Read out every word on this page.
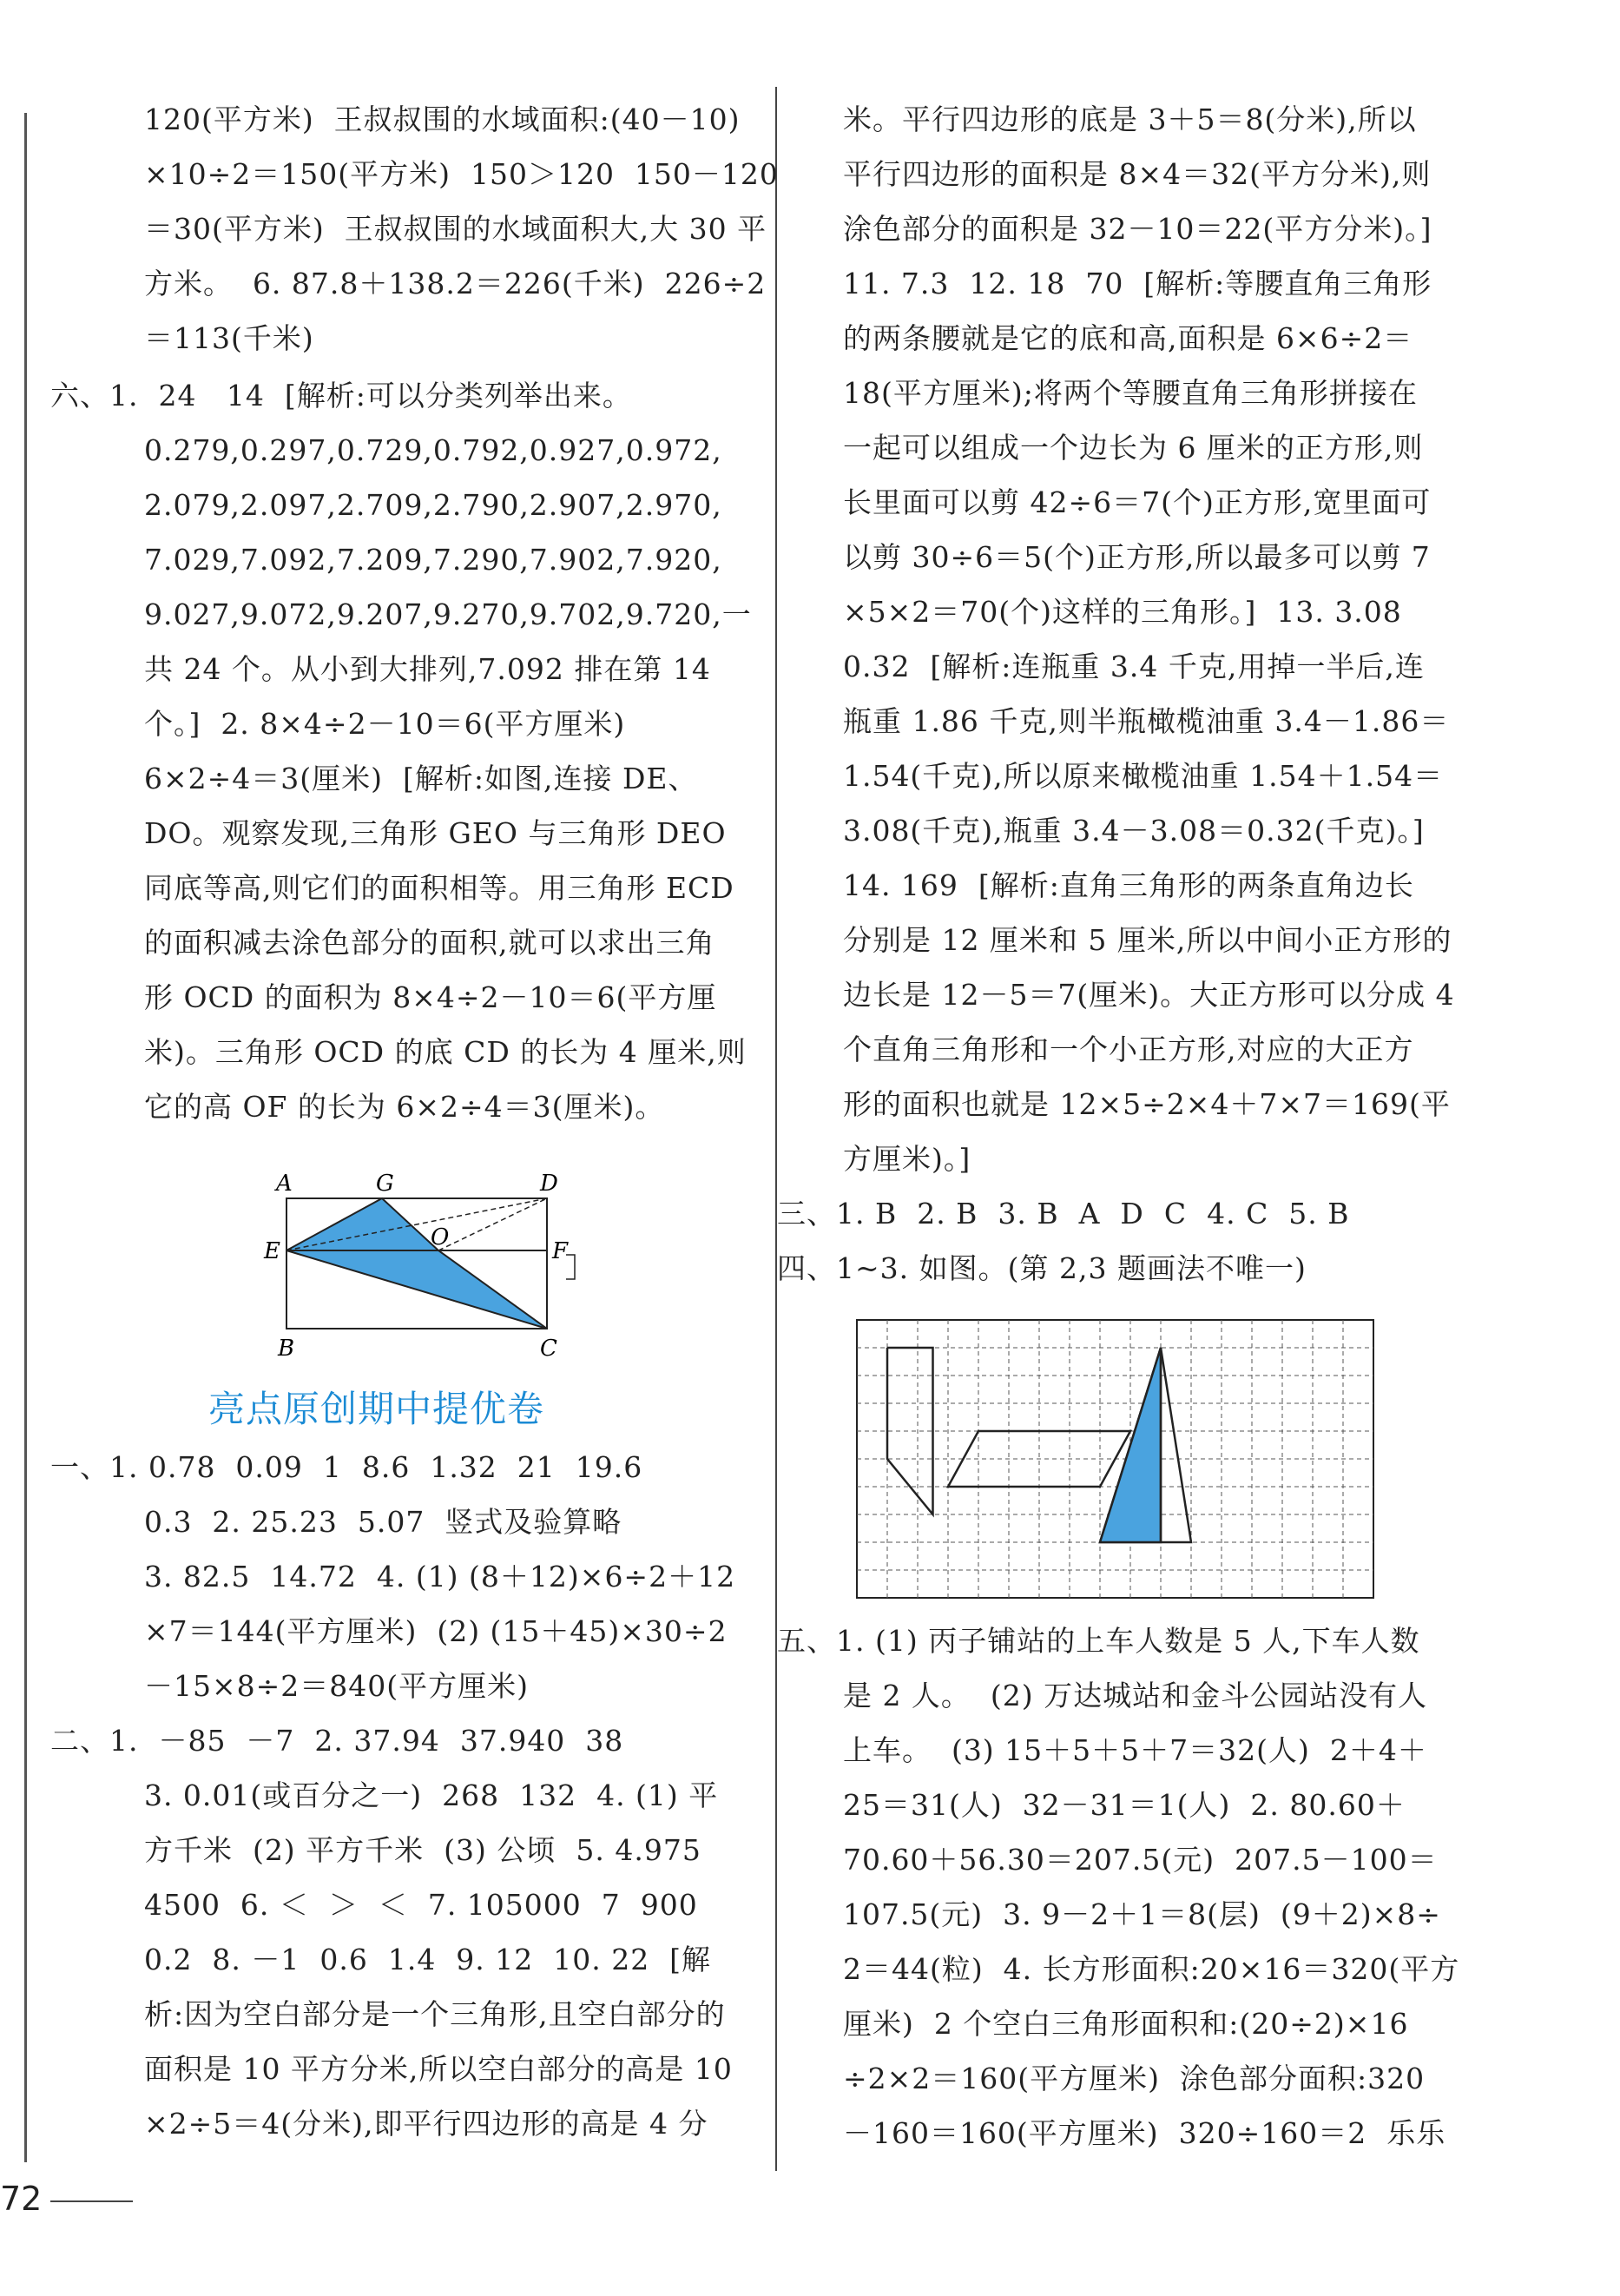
120(平方米)  王叔叔围的水域面积:(40－10)
×10÷2＝150(平方米)  150＞120  150－120
＝30(平方米)  王叔叔围的水域面积大,大 30 平
方米。  6. 87.8＋138.2＝226(千米)  226÷2
＝113(千米)
六、1.  24   14  [解析:可以分类列举出来。
0.279,0.297,0.729,0.792,0.927,0.972,
2.079,2.097,2.709,2.790,2.907,2.970,
7.029,7.092,7.209,7.290,7.902,7.920,
9.027,9.072,9.207,9.270,9.702,9.720,一
共 24 个。从小到大排列,7.092 排在第 14
个。]  2. 8×4÷2－10＝6(平方厘米)
6×2÷4＝3(厘米)  [解析:如图,连接 DE、
DO。观察发现,三角形 GEO 与三角形 DEO
同底等高,则它们的面积相等。用三角形 ECD
的面积减去涂色部分的面积,就可以求出三角
形 OCD 的面积为 8×4÷2－10＝6(平方厘
米)。三角形 OCD 的底 CD 的长为 4 厘米,则
它的高 OF 的长为 6×2÷4＝3(厘米)。
A	G	D
E
O
F
B	C
亮点原创期中提优卷
一、1. 0.78  0.09  1  8.6  1.32  21  19.6
0.3  2. 25.23  5.07  竖式及验算略
3. 82.5  14.72  4. (1) (8＋12)×6÷2＋12
×7＝144(平方厘米)  (2) (15＋45)×30÷2
－15×8÷2＝840(平方厘米)
二、1.  －85  －7  2. 37.94  37.940  38
3. 0.01(或百分之一)  268  132  4. (1) 平
方千米  (2) 平方千米  (3) 公顷  5. 4.975
4500  6. ＜  ＞  ＜  7. 105000  7  900
0.2  8. －1  0.6  1.4  9. 12  10. 22  [解
析:因为空白部分是一个三角形,且空白部分的
面积是 10 平方分米,所以空白部分的高是 10
×2÷5＝4(分米),即平行四边形的高是 4 分
米。平行四边形的底是 3＋5＝8(分米),所以
平行四边形的面积是 8×4＝32(平方分米),则
涂色部分的面积是 32－10＝22(平方分米)。]
11. 7.3  12. 18  70  [解析:等腰直角三角形
的两条腰就是它的底和高,面积是 6×6÷2＝
18(平方厘米);将两个等腰直角三角形拼接在
一起可以组成一个边长为 6 厘米的正方形,则
长里面可以剪 42÷6＝7(个)正方形,宽里面可
以剪 30÷6＝5(个)正方形,所以最多可以剪 7
×5×2＝70(个)这样的三角形。]  13. 3.08
0.32  [解析:连瓶重 3.4 千克,用掉一半后,连
瓶重 1.86 千克,则半瓶橄榄油重 3.4－1.86＝
1.54(千克),所以原来橄榄油重 1.54＋1.54＝
3.08(千克),瓶重 3.4－3.08＝0.32(千克)。]
14. 169  [解析:直角三角形的两条直角边长
分别是 12 厘米和 5 厘米,所以中间小正方形的
边长是 12－5＝7(厘米)。大正方形可以分成 4
个直角三角形和一个小正方形,对应的大正方
形的面积也就是 12×5÷2×4＋7×7＝169(平
方厘米)。]
三、1. B  2. B  3. B  A  D  C  4. C  5. B
四、1~3. 如图。(第 2,3 题画法不唯一)
五、1. (1) 丙子铺站的上车人数是 5 人,下车人数
是 2 人。  (2) 万达城站和金斗公园站没有人
上车。  (3) 15＋5＋5＋7＝32(人)  2＋4＋
25＝31(人)  32－31＝1(人)  2. 80.60＋
70.60＋56.30＝207.5(元)  207.5－100＝
107.5(元)  3. 9－2＋1＝8(层)  (9＋2)×8÷
2＝44(粒)  4. 长方形面积:20×16＝320(平方
厘米)  2 个空白三角形面积和:(20÷2)×16
÷2×2＝160(平方厘米)  涂色部分面积:320
－160＝160(平方厘米)  320÷160＝2  乐乐
72
